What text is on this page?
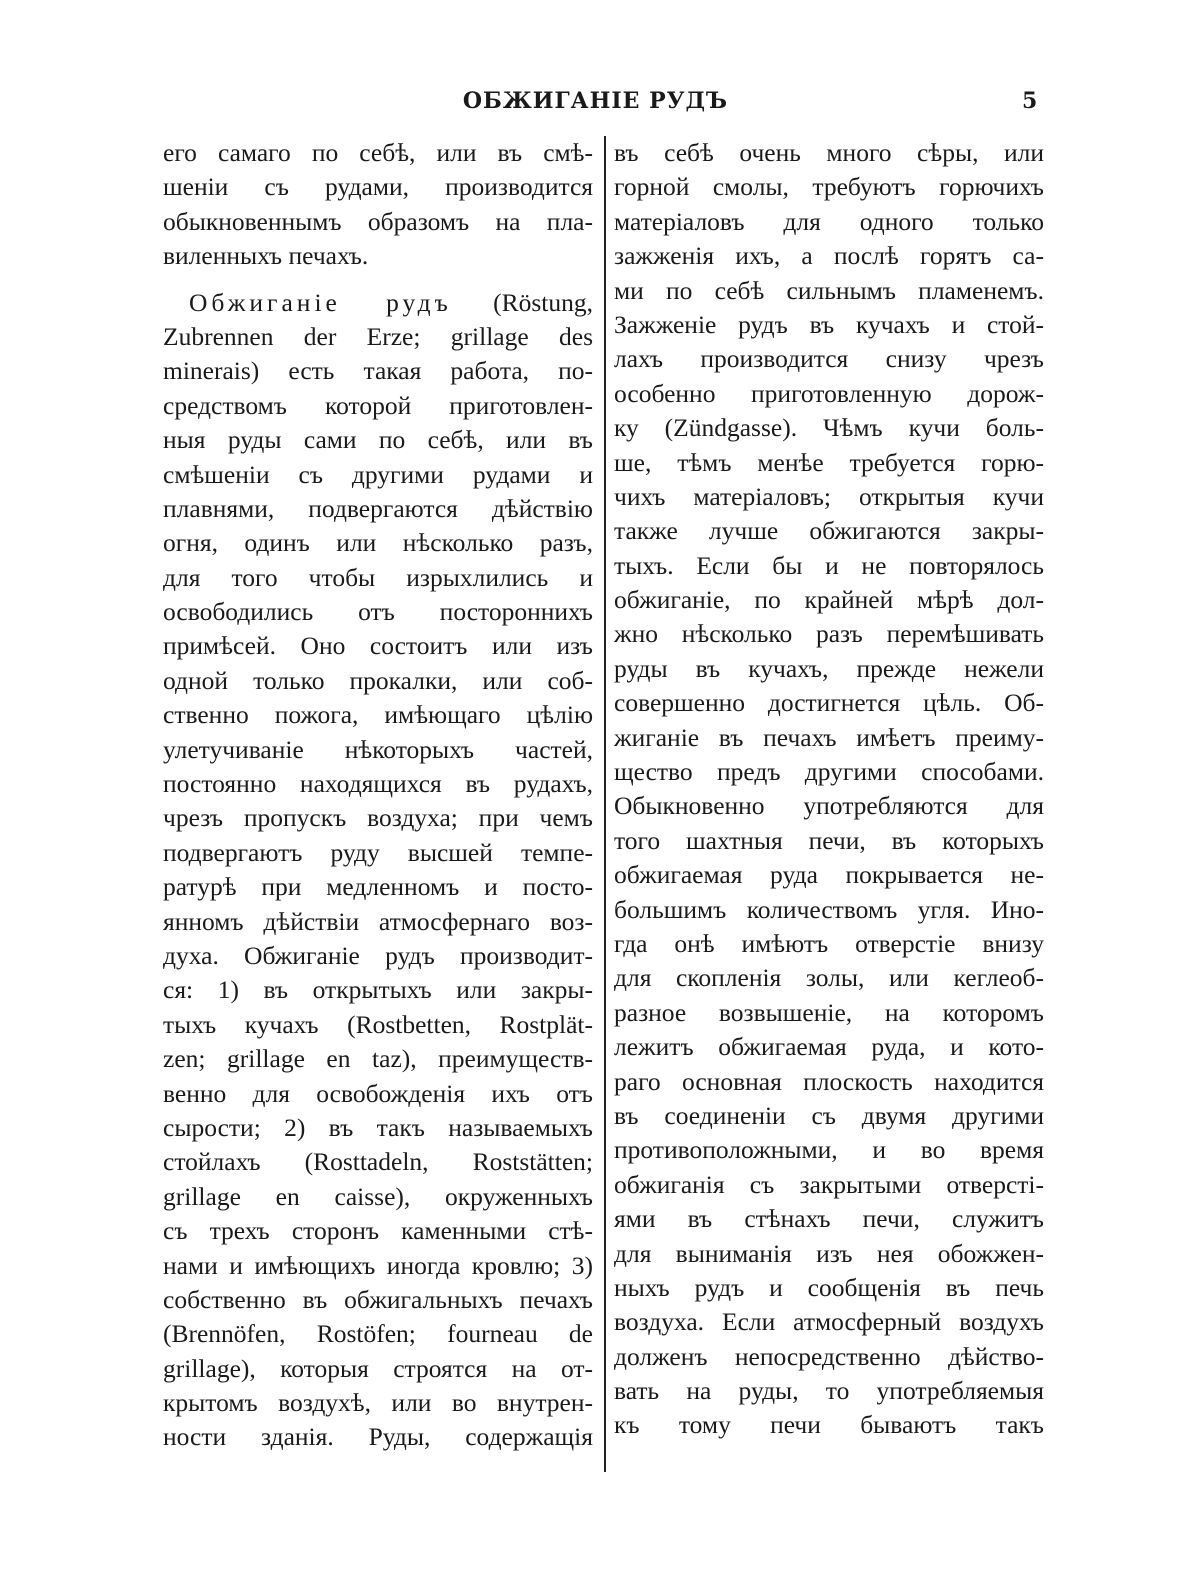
ОБЖИГАНІЕ РУДЪ	5
его самаго по себѣ, или въ смѣ-
шеніи съ рудами, производится
обыкновеннымъ образомъ на пла-
виленныхъ печахъ.
Обжиганіе рудъ (Röstung,
Zubrennen der Erze; grillage des
minerais) есть такая работа, по-
средствомъ которой приготовлен-
ныя руды сами по себѣ, или въ
смѣшеніи съ другими рудами и
плавнями, подвергаются дѣйствію
огня, одинъ или нѣсколько разъ,
для того чтобы изрыхлились и
освободились отъ постороннихъ
примѣсей. Оно состоитъ или изъ
одной только прокалки, или соб-
ственно пожога, имѣющаго цѣлію
улетучиваніе нѣкоторыхъ частей,
постоянно находящихся въ рудахъ,
чрезъ пропускъ воздуха; при чемъ
подвергаютъ руду высшей темпе-
ратурѣ при медленномъ и посто-
янномъ дѣйствіи атмосфернаго воз-
духа. Обжиганіе рудъ производит-
ся: 1) въ открытыхъ или закры-
тыхъ кучахъ (Rostbetten, Rostplät-
zen; grillage en taz), преимуществ-
венно для освобожденія ихъ отъ
сырости; 2) въ такъ называемыхъ
стойлахъ (Rosttadeln, Roststätten;
grillage en caisse), окруженныхъ
съ трехъ сторонъ каменными стѣ-
нами и имѣющихъ иногда кровлю; 3)
собственно въ обжигальныхъ печахъ
(Brennöfen, Rostöfen; fourneau de
grillage), которыя строятся на от-
крытомъ воздухѣ, или во внутрен-
ности зданія. Руды, содержащія
въ себѣ очень много сѣры, или
горной смолы, требуютъ горючихъ
матеріаловъ для одного только
зажженія ихъ, а послѣ горятъ са-
ми по себѣ сильнымъ пламенемъ.
Зажженіе рудъ въ кучахъ и стой-
лахъ производится снизу чрезъ
особенно приготовленную дорож-
ку (Zündgasse). Чѣмъ кучи боль-
ше, тѣмъ менѣе требуется горю-
чихъ матеріаловъ; открытыя кучи
также лучше обжигаются закры-
тыхъ. Если бы и не повторялось
обжиганіе, по крайней мѣрѣ дол-
жно нѣсколько разъ перемѣшивать
руды въ кучахъ, прежде нежели
совершенно достигнется цѣль. Об-
жиганіе въ печахъ имѣетъ преиму-
щество предъ другими способами.
Обыкновенно употребляются для
того шахтныя печи, въ которыхъ
обжигаемая руда покрывается не-
большимъ количествомъ угля. Ино-
гда онѣ имѣютъ отверстіе внизу
для скопленія золы, или кеглеоб-
разное возвышеніе, на которомъ
лежитъ обжигаемая руда, и кото-
раго основная плоскость находится
въ соединеніи съ двумя другими
противоположными, и во время
обжиганія съ закрытыми отверстi-
ями въ стѣнахъ печи, служитъ
для выниманія изъ нея обожжен-
ныхъ рудъ и сообщенія въ печь
воздуха. Если атмосферный воздухъ
долженъ непосредственно дѣйство-
вать на руды, то употребляемыя
къ тому печи бываютъ такъ
